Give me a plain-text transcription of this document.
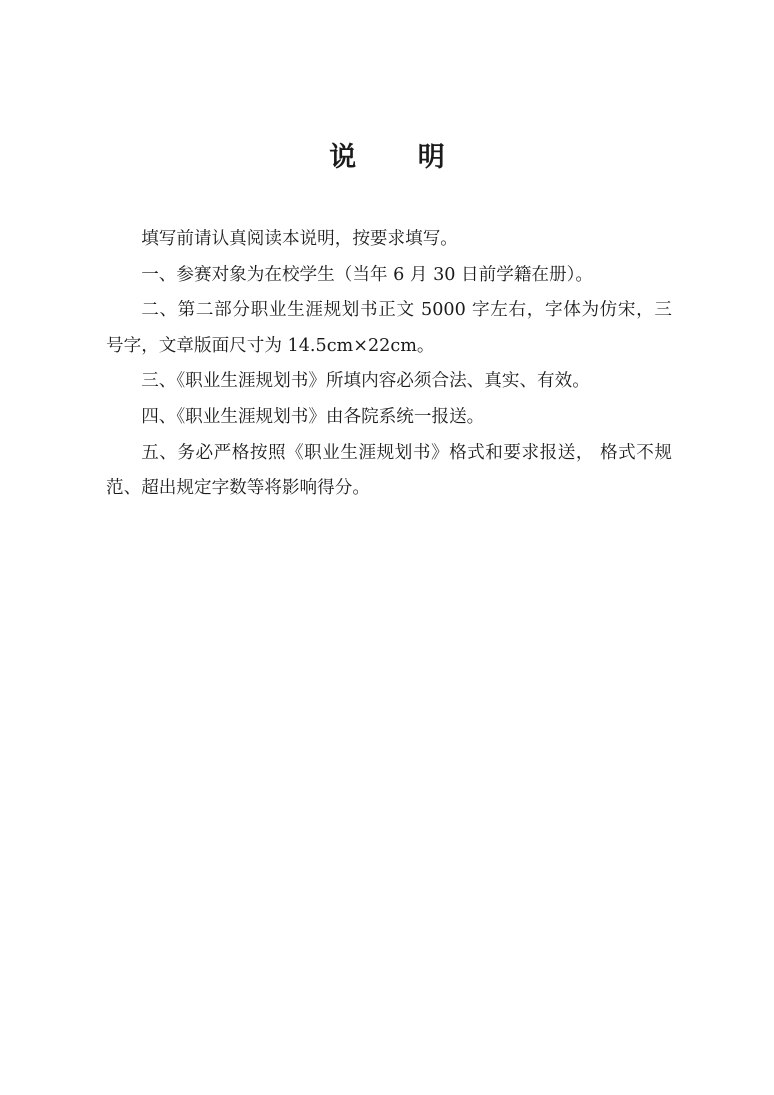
说 明

填写前请认真阅读本说明，按要求填写。

一、参赛对象为在校学生（当年 6 月 30 日前学籍在册）。

二、第二部分职业生涯规划书正文 5000 字左右，字体为仿宋，三号字，文章版面尺寸为 14.5cm×22cm。

三、《职业生涯规划书》所填内容必须合法、真实、有效。

四、《职业生涯规划书》由各院系统一报送。

五、务必严格按照《职业生涯规划书》格式和要求报送， 格式不规范、超出规定字数等将影响得分。
